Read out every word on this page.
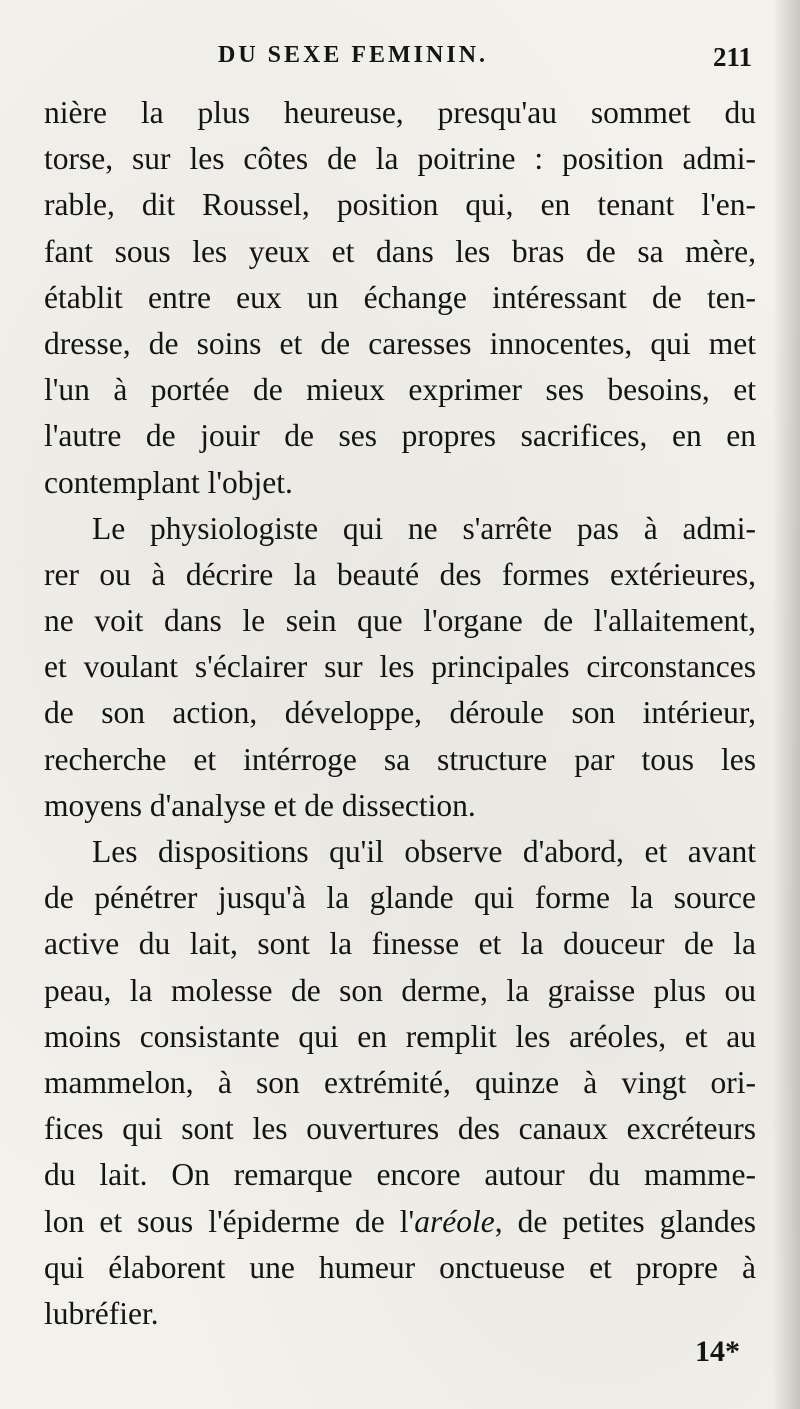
DU SEXE FEMININ.	211
nière la plus heureuse, presqu'au sommet du
torse, sur les côtes de la poitrine : position admi-
rable, dit Roussel, position qui, en tenant l'en-
fant sous les yeux et dans les bras de sa mère,
établit entre eux un échange intéressant de ten-
dresse, de soins et de caresses innocentes, qui met
l'un à portée de mieux exprimer ses besoins, et
l'autre de jouir de ses propres sacrifices, en en
contemplant l'objet.
Le physiologiste qui ne s'arrête pas à admi-
rer ou à décrire la beauté des formes extérieures,
ne voit dans le sein que l'organe de l'allaitement,
et voulant s'éclairer sur les principales circonstances
de son action, développe, déroule son intérieur,
recherche et intérroge sa structure par tous les
moyens d'analyse et de dissection.
Les dispositions qu'il observe d'abord, et avant
de pénétrer jusqu'à la glande qui forme la source
active du lait, sont la finesse et la douceur de la
peau, la molesse de son derme, la graisse plus ou
moins consistante qui en remplit les aréoles, et au
mammelon, à son extrémité, quinze à vingt ori-
fices qui sont les ouvertures des canaux excréteurs
du lait. On remarque encore autour du mamme-
lon et sous l'épiderme de l'aréole, de petites glandes
qui élaborent une humeur onctueuse et propre à
lubréfier.
14*
